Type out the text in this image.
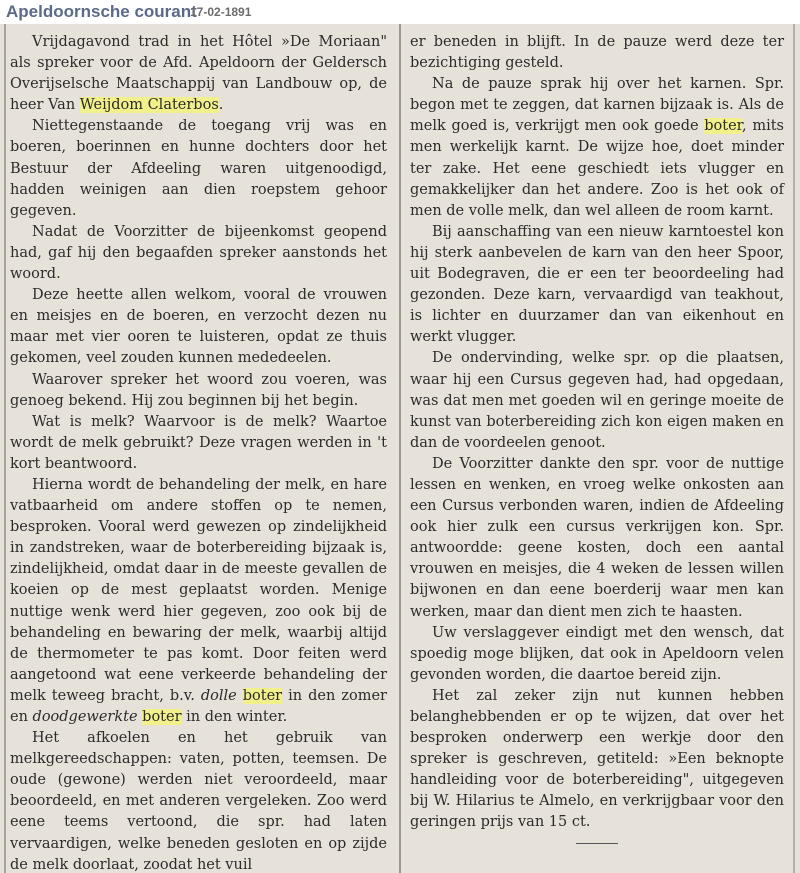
Apeldoornsche courant
17-02-1891

Vrijdagavond trad in het Hôtel »De Moriaan" als spreker voor de Afd. Apeldoorn der Geldersch Overijselsche Maatschappij van Landbouw op, de heer Van Weijdom Claterbos.

Niettegenstaande de toegang vrij was en boeren, boerinnen en hunne dochters door het Bestuur der Afdeeling waren uitgenoodigd, hadden weinigen aan dien roepstem gehoor gegeven.

Nadat de Voorzitter de bijeenkomst geopend had, gaf hij den begaafden spreker aanstonds het woord.

Deze heette allen welkom, vooral de vrouwen en meisjes en de boeren, en verzocht dezen nu maar met vier ooren te luisteren, opdat ze thuis gekomen, veel zouden kunnen mededeelen.

Waarover spreker het woord zou voeren, was genoeg bekend. Hij zou beginnen bij het begin.

Wat is melk? Waarvoor is de melk? Waartoe wordt de melk gebruikt? Deze vragen werden in 't kort beantwoord.

Hierna wordt de behandeling der melk, en hare vatbaarheid om andere stoffen op te nemen, besproken. Vooral werd gewezen op zindelijkheid in zandstreken, waar de boterbereiding bijzaak is, zindelijkheid, omdat daar in de meeste gevallen de koeien op de mest geplaatst worden. Menige nuttige wenk werd hier gegeven, zoo ook bij de behandeling en bewaring der melk, waarbij altijd de thermometer te pas komt. Door feiten werd aangetoond wat eene verkeerde behandeling der melk teweeg bracht, b.v. dolle boter in den zomer en doodgewerkte boter in den winter.

Het afkoelen en het gebruik van melkgereedschappen: vaten, potten, teemsen. De oude (gewone) werden niet veroordeeld, maar beoordeeld, en met anderen vergeleken. Zoo werd eene teems vertoond, die spr. had laten vervaardigen, welke beneden gesloten en op zijde de melk doorlaat, zoodat het vuil

er beneden in blijft. In de pauze werd deze ter bezichtiging gesteld.

Na de pauze sprak hij over het karnen. Spr. begon met te zeggen, dat karnen bijzaak is. Als de melk goed is, verkrijgt men ook goede boter, mits men werkelijk karnt. De wijze hoe, doet minder ter zake. Het eene geschiedt iets vlugger en gemakkelijker dan het andere. Zoo is het ook of men de volle melk, dan wel alleen de room karnt.

Bij aanschaffing van een nieuw karntoestel kon hij sterk aanbevelen de karn van den heer Spoor, uit Bodegraven, die er een ter beoordeeling had gezonden. Deze karn, vervaardigd van teakhout, is lichter en duurzamer dan van eikenhout en werkt vlugger.

De ondervinding, welke spr. op die plaatsen, waar hij een Cursus gegeven had, had opgedaan, was dat men met goeden wil en geringe moeite de kunst van boterbereiding zich kon eigen maken en dan de voordeelen genoot.

De Voorzitter dankte den spr. voor de nuttige lessen en wenken, en vroeg welke onkosten aan een Cursus verbonden waren, indien de Afdeeling ook hier zulk een cursus verkrijgen kon. Spr. antwoordde: geene kosten, doch een aantal vrouwen en meisjes, die 4 weken de lessen willen bijwonen en dan eene boerderij waar men kan werken, maar dan dient men zich te haasten.

Uw verslaggever eindigt met den wensch, dat spoedig moge blijken, dat ook in Apeldoorn velen gevonden worden, die daartoe bereid zijn.

Het zal zeker zijn nut kunnen hebben belanghebbenden er op te wijzen, dat over het besproken onderwerp een werkje door den spreker is geschreven, getiteld: »Een beknopte handleiding voor de boterbereiding", uitgegeven bij W. Hilarius te Almelo, en verkrijgbaar voor den geringen prijs van 15 ct.
